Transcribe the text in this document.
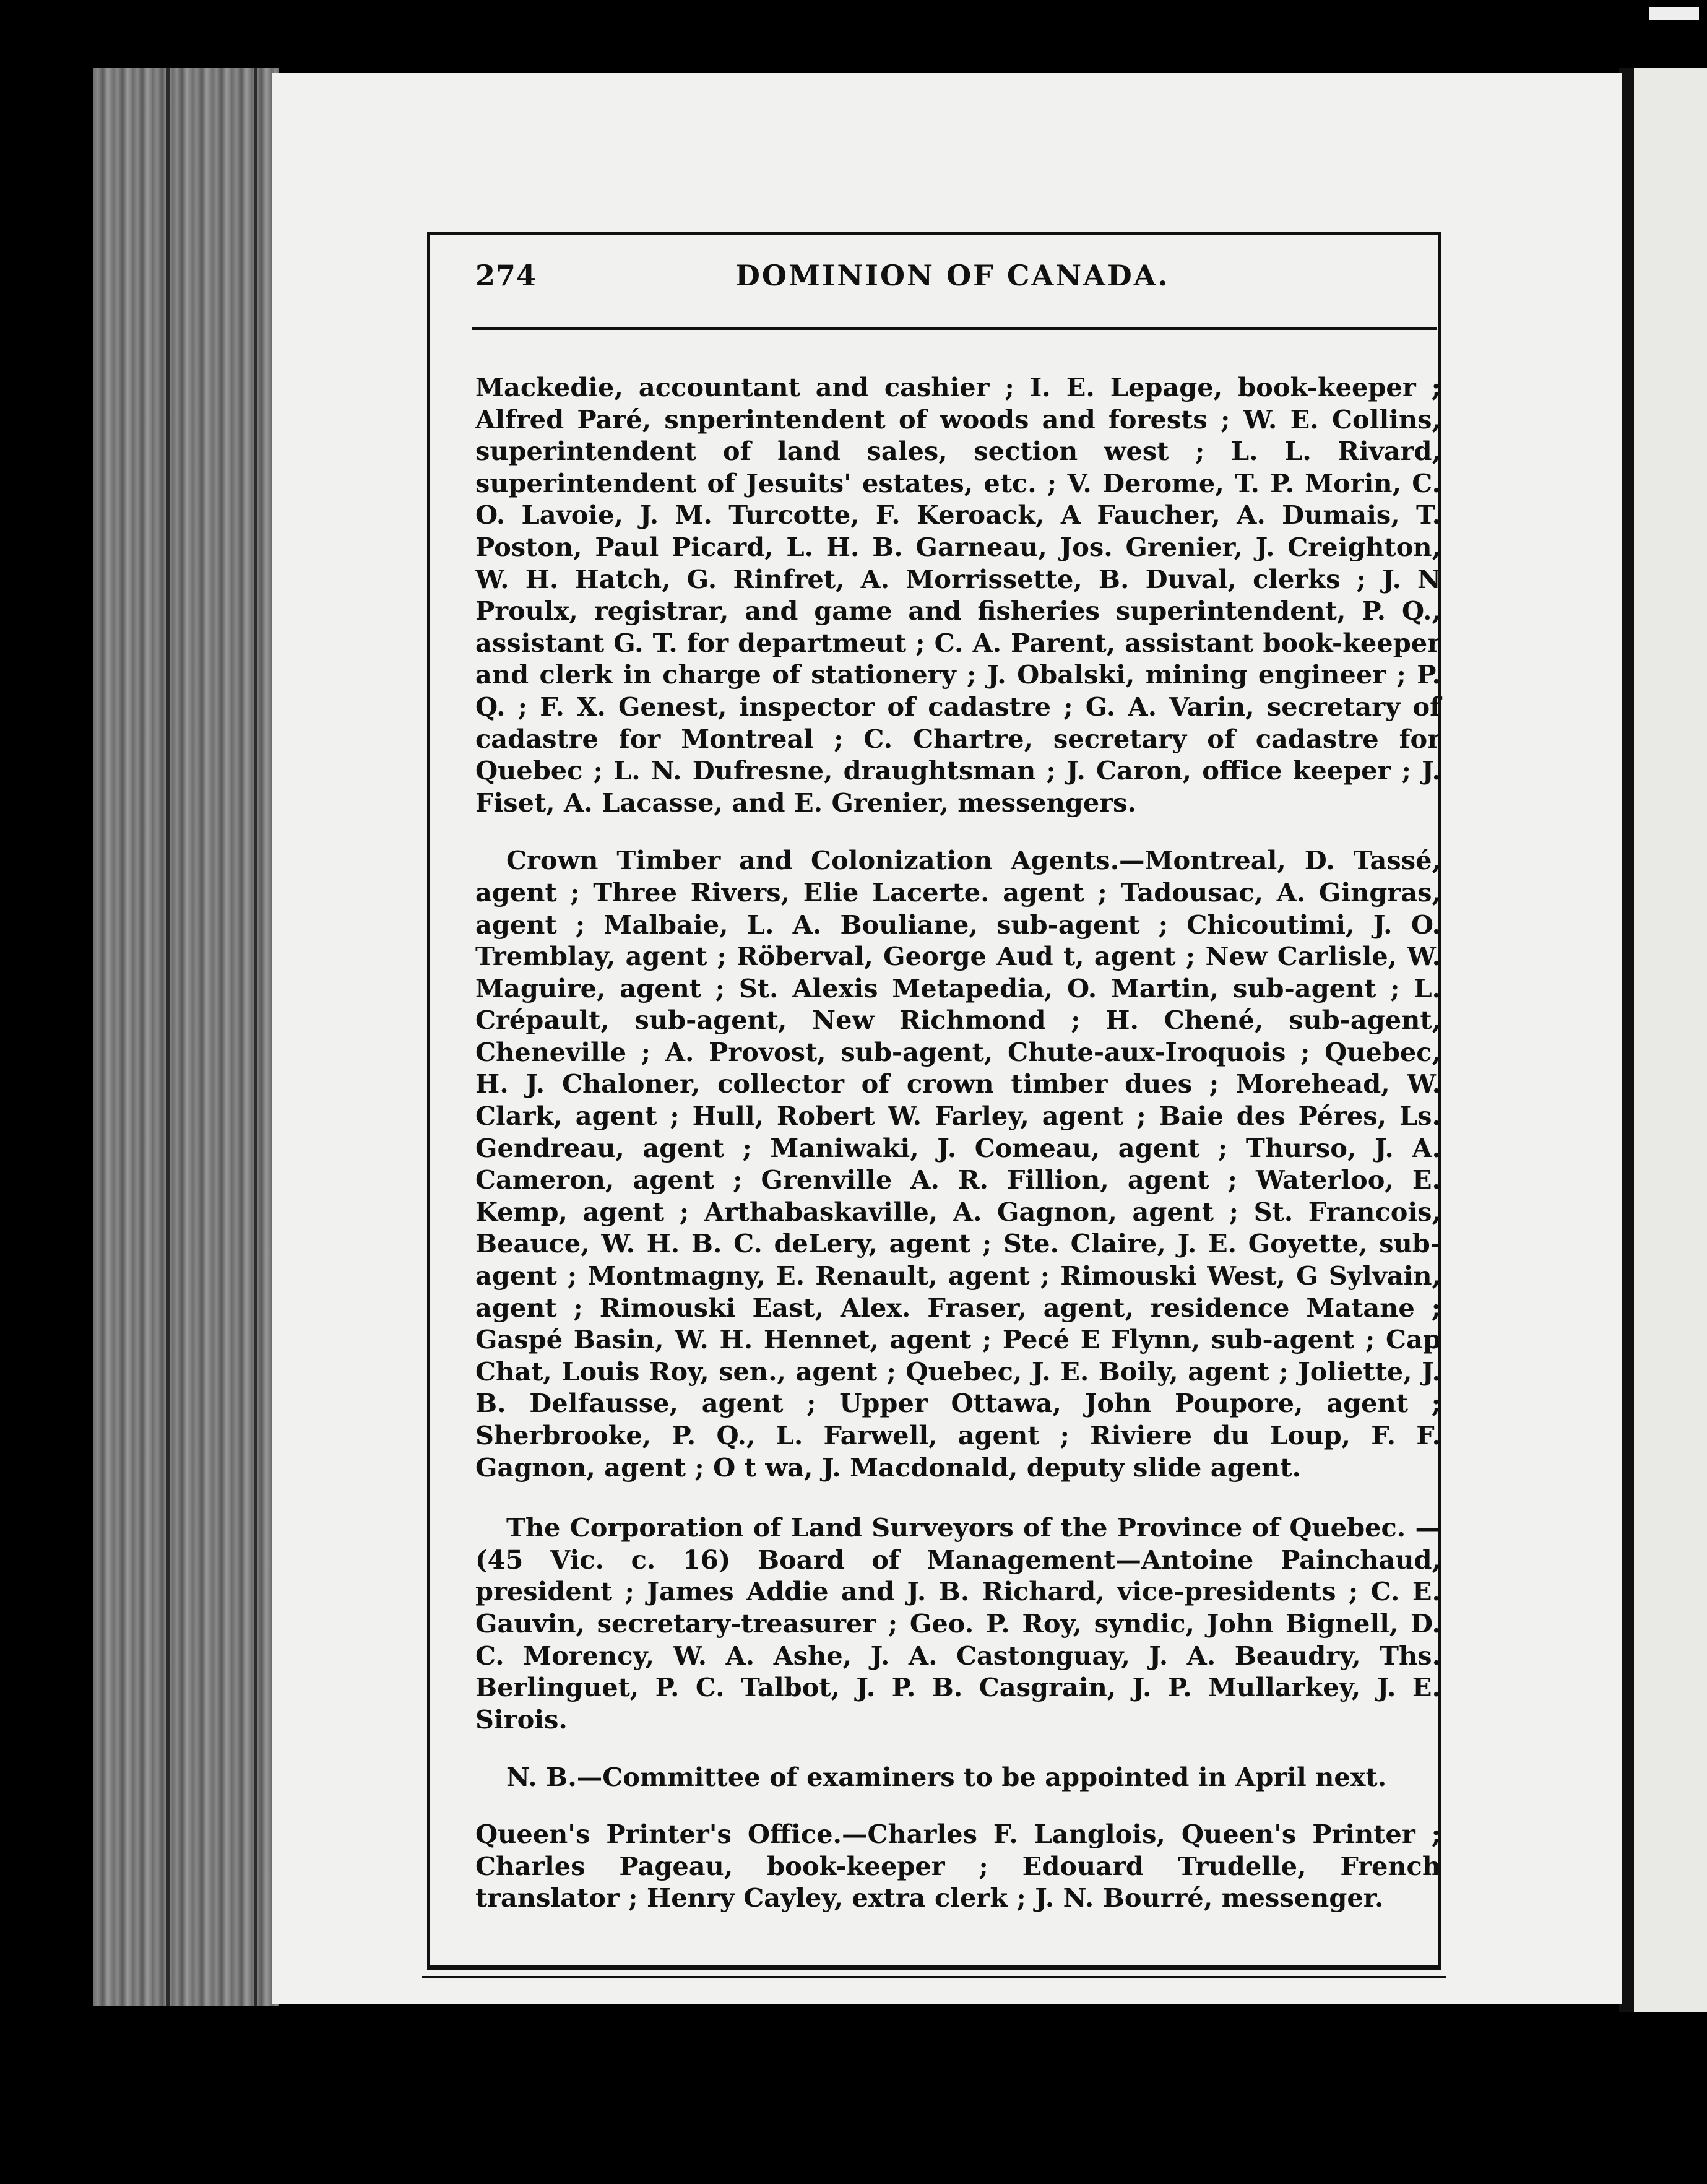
274	DOMINION OF CANADA.

Mackedie, accountant and cashier ; I. E. Lepage, book-keeper ; Alfred Paré, snperintendent of woods and forests ; W. E. Collins, superintendent of land sales, section west ; L. L. Rivard, superintendent of Jesuits' estates, etc. ; V. Derome, T. P. Morin, C. O. Lavoie, J. M. Turcotte, F. Keroack, A Faucher, A. Dumais, T. Poston, Paul Picard, L. H. B. Garneau, Jos. Grenier, J. Creighton, W. H. Hatch, G. Rinfret, A. Morrissette, B. Duval, clerks ; J. N Proulx, registrar, and game and fisheries superintendent, P. Q., assistant G. T. for departmeut ; C. A. Parent, assistant book-keeper and clerk in charge of stationery ; J. Obalski, mining engineer ; P. Q. ; F. X. Genest, inspector of cadastre ; G. A. Varin, secretary of cadastre for Montreal ; C. Chartre, secretary of cadastre for Quebec ; L. N. Dufresne, draughtsman ; J. Caron, office keeper ; J. Fiset, A. Lacasse, and E. Grenier, messengers.

Crown Timber and Colonization Agents.—Montreal, D. Tassé, agent ; Three Rivers, Elie Lacerte. agent ; Tadousac, A. Gingras, agent ; Malbaie, L. A. Bouliane, sub-agent ; Chicoutimi, J. O. Tremblay, agent ; Röberval, George Aud t, agent ; New Carlisle, W. Maguire, agent ; St. Alexis Metapedia, O. Martin, sub-agent ; L. Crépault, sub-agent, New Richmond ; H. Chené, sub-agent, Cheneville ; A. Provost, sub-agent, Chute-aux-Iroquois ; Quebec, H. J. Chaloner, collector of crown timber dues ; Morehead, W. Clark, agent ; Hull, Robert W. Farley, agent ; Baie des Péres, Ls. Gendreau, agent ; Maniwaki, J. Comeau, agent ; Thurso, J. A. Cameron, agent ; Grenville A. R. Fillion, agent ; Waterloo, E. Kemp, agent ; Arthabaskaville, A. Gagnon, agent ; St. Francois, Beauce, W. H. B. C. deLery, agent ; Ste. Claire, J. E. Goyette, sub-agent ; Montmagny, E. Renault, agent ; Rimouski West, G Sylvain, agent ; Rimouski East, Alex. Fraser, agent, residence Matane ; Gaspé Basin, W. H. Hennet, agent ; Pecé E Flynn, sub-agent ; Cap Chat, Louis Roy, sen., agent ; Quebec, J. E. Boily, agent ; Joliette, J. B. Delfausse, agent ; Upper Ottawa, John Poupore, agent ; Sherbrooke, P. Q., L. Farwell, agent ; Riviere du Loup, F. F. Gagnon, agent ; O t wa, J. Macdonald, deputy slide agent.

The Corporation of Land Surveyors of the Province of Quebec. —(45 Vic. c. 16) Board of Management—Antoine Painchaud, president ; James Addie and J. B. Richard, vice-presidents ; C. E. Gauvin, secretary-treasurer ; Geo. P. Roy, syndic, John Bignell, D. C. Morency, W. A. Ashe, J. A. Castonguay, J. A. Beaudry, Ths. Berlinguet, P. C. Talbot, J. P. B. Casgrain, J. P. Mullarkey, J. E. Sirois.

N. B.—Committee of examiners to be appointed in April next.

Queen's Printer's Office.—Charles F. Langlois, Queen's Printer ; Charles Pageau, book-keeper ; Edouard Trudelle, French translator ; Henry Cayley, extra clerk ; J. N. Bourré, messenger.
